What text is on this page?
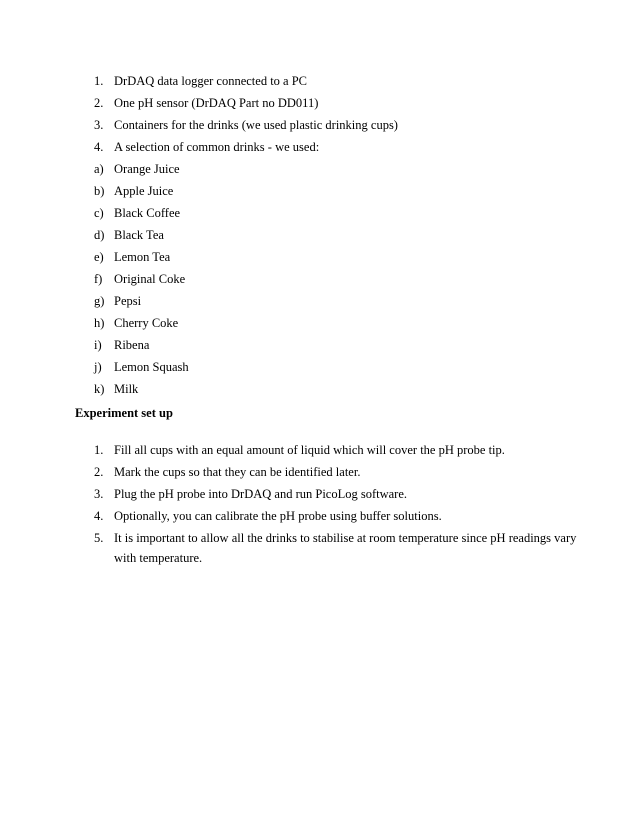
1. DrDAQ data logger connected to a PC
2. One pH sensor (DrDAQ Part no DD011)
3. Containers for the drinks (we used plastic drinking cups)
4. A selection of common drinks - we used:
a) Orange Juice
b) Apple Juice
c) Black Coffee
d) Black Tea
e) Lemon Tea
f) Original Coke
g) Pepsi
h) Cherry Coke
i) Ribena
j) Lemon Squash
k) Milk
Experiment set up
1. Fill all cups with an equal amount of liquid which will cover the pH probe tip.
2. Mark the cups so that they can be identified later.
3. Plug the pH probe into DrDAQ and run PicoLog software.
4. Optionally, you can calibrate the pH probe using buffer solutions.
5. It is important to allow all the drinks to stabilise at room temperature since pH readings vary with temperature.
